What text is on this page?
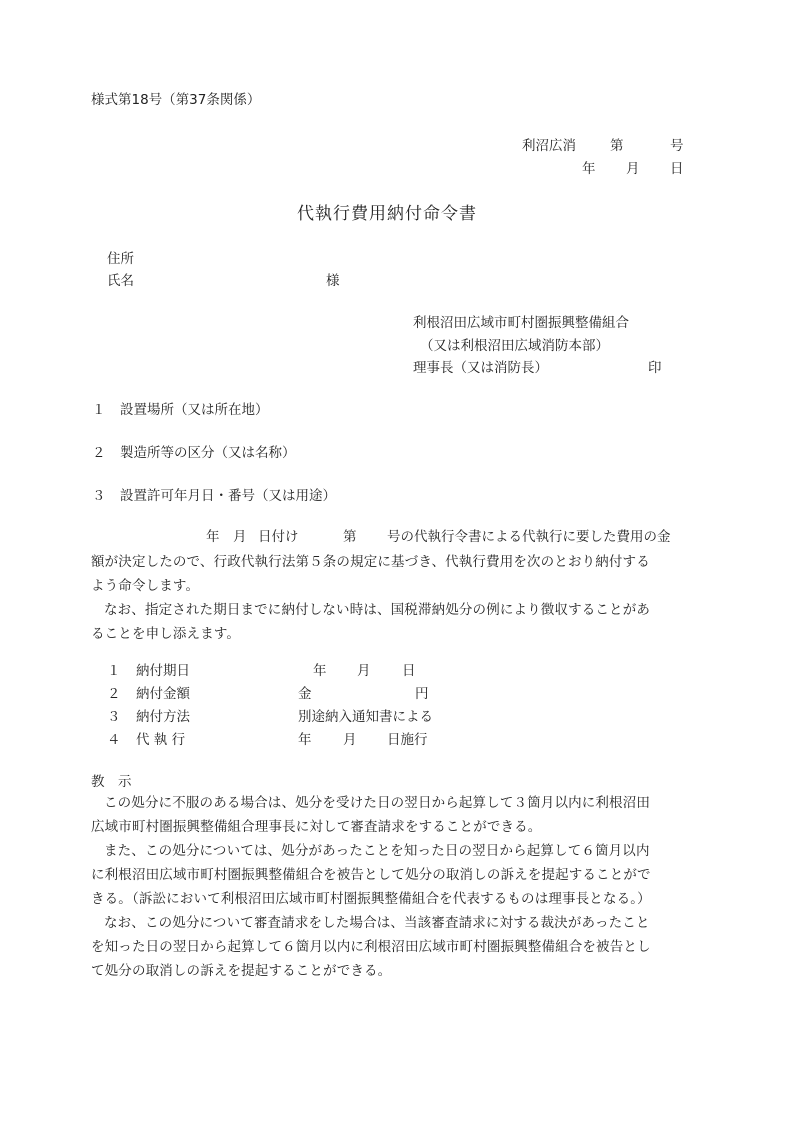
様式第18号（第37条関係）
利沼広消	第	号
年 月 日
代執行費用納付命令書
住所
氏名	様
利根沼田広域市町村圏振興整備組合
（又は利根沼田広域消防本部）
理事長（又は消防長）	印
１ 設置場所（又は所在地）
２ 製造所等の区分（又は名称）
３ 設置許可年月日・番号（又は用途）
年 月 日付け	第 号の代執行令書による代執行に要した費用の金
額が決定したので、行政代執行法第５条の規定に基づき、代執行費用を次のとおり納付する
よう命令します。
なお、指定された期日までに納付しない時は、国税滞納処分の例により徴収することがあ
ることを申し添えます。
１ 納付期日	年 月 日
２ 納付金額	金	円
３ 納付方法	別途納入通知書による
４ 代 執 行	年 月 日施行
教　示
この処分に不服のある場合は、処分を受けた日の翌日から起算して３箇月以内に利根沼田
広域市町村圏振興整備組合理事長に対して審査請求をすることができる。
また、この処分については、処分があったことを知った日の翌日から起算して６箇月以内
に利根沼田広域市町村圏振興整備組合を被告として処分の取消しの訴えを提起することがで
きる。（訴訟において利根沼田広域市町村圏振興整備組合を代表するものは理事長となる。）
なお、この処分について審査請求をした場合は、当該審査請求に対する裁決があったこと
を知った日の翌日から起算して６箇月以内に利根沼田広域市町村圏振興整備組合を被告とし
て処分の取消しの訴えを提起することができる。
